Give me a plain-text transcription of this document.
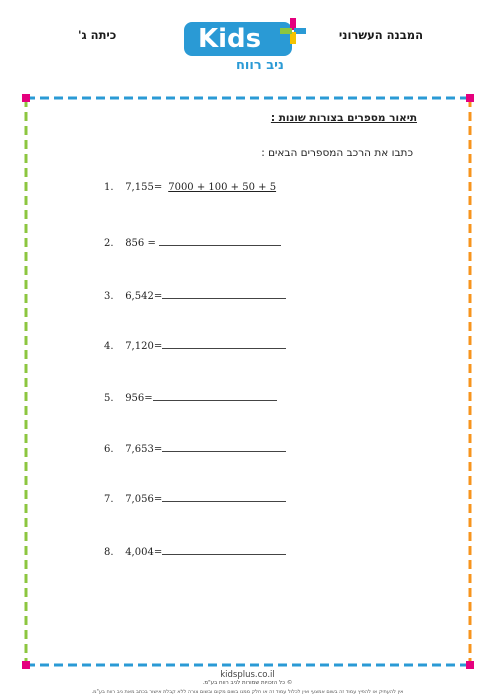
כיתה ג'	המבנה העשרוני
Kids
ניב רווח
תיאור מספרים בצורות שונות :
כתבו את הרכב המספרים הבאים :
1. 7,155= 7000 + 100 + 50 + 5
2. 856 =
3. 6,542=
4. 7,120=
5. 956=
6. 7,653=
7. 7,056=
8. 4,004=
kidsplus.co.il
© כל הזכויות שמורות לניב רווח בע"מ.
אין להעתיק או להפיץ עמוד זה בשום אמצעי ואין לכלול עמוד זה או חלק ממנו בשום מקום ובשום צורה ללא קבלת אישור בכתב מאת ניב רווח בע"מ.
